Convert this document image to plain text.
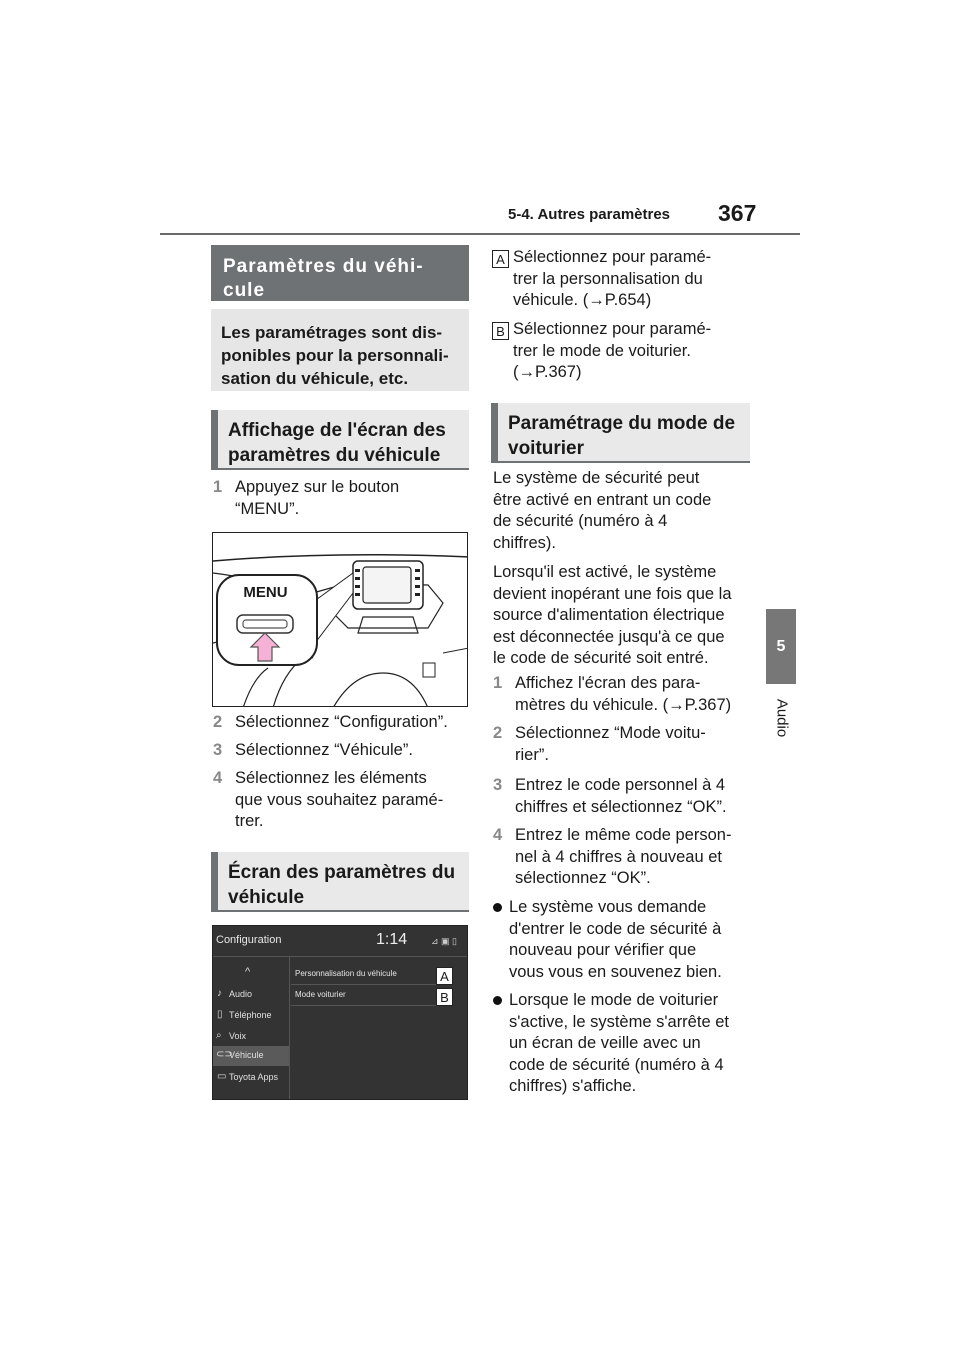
5-4. Autres paramètres 367
5
Audio
Paramètres du véhi-
cule
Les paramétrages sont dis-
ponibles pour la personnali-
sation du véhicule, etc.
Affichage de l'écran des
paramètres du véhicule
1 Appuyez sur le bouton
“MENU”.
MENU
2 Sélectionnez “Configuration”.
3 Sélectionnez “Véhicule”.
4 Sélectionnez les éléments
que vous souhaitez paramé-
trer.
Écran des paramètres du
véhicule
Configuration	1:14	⊿ ▣ ▯
^
♪ Audio
▯ Téléphone
⌕ Voix
⊂⊃
Véhicule
▭ Toyota Apps
Personnalisation du véhicule
Mode voiturier
A
B
A Sélectionnez pour paramé-
trer la personnalisation du
véhicule. (→P.654)
B Sélectionnez pour paramé-
trer le mode de voiturier.
(→P.367)
Paramétrage du mode de
voiturier
Le système de sécurité peut
être activé en entrant un code
de sécurité (numéro à 4
chiffres).
Lorsqu'il est activé, le système
devient inopérant une fois que la
source d'alimentation électrique
est déconnectée jusqu'à ce que
le code de sécurité soit entré.
1 Affichez l'écran des para-
mètres du véhicule. (→P.367)
2 Sélectionnez “Mode voitu-
rier”.
3 Entrez le code personnel à 4
chiffres et sélectionnez “OK”.
4 Entrez le même code person-
nel à 4 chiffres à nouveau et
sélectionnez “OK”.
Le système vous demande
d'entrer le code de sécurité à
nouveau pour vérifier que
vous vous en souvenez bien.
Lorsque le mode de voiturier
s'active, le système s'arrête et
un écran de veille avec un
code de sécurité (numéro à 4
chiffres) s'affiche.
